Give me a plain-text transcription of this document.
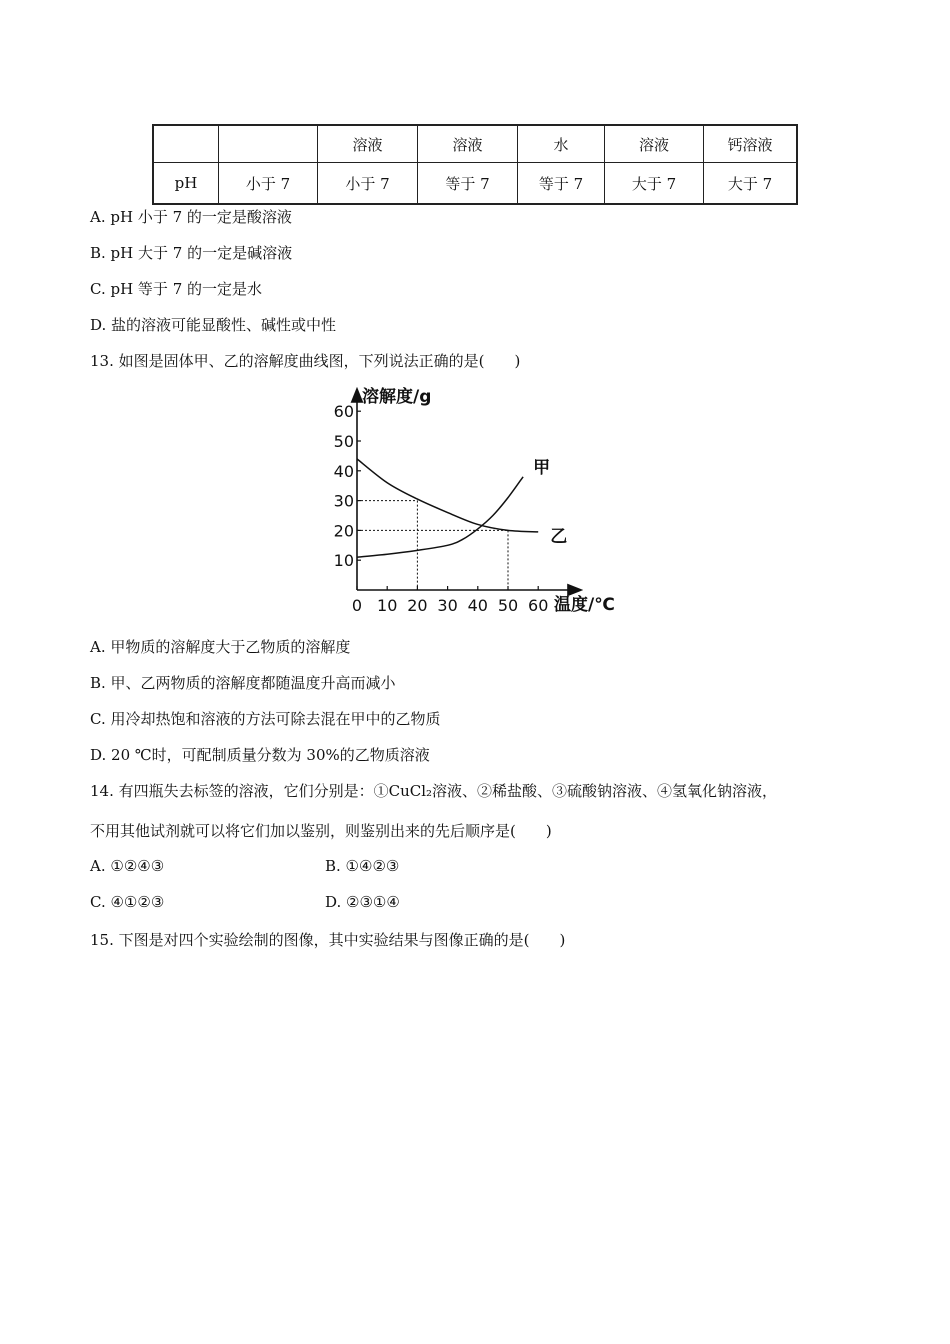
		溶液	溶液	水	溶液	钙溶液
pH	小于 7	小于 7	等于 7	等于 7	大于 7	大于 7
A. pH 小于 7 的一定是酸溶液
B. pH 大于 7 的一定是碱溶液
C. pH 等于 7 的一定是水
D. 盐的溶液可能显酸性、碱性或中性
13. 如图是固体甲、乙的溶解度曲线图，下列说法正确的是(　　)
溶解度/g
温度/℃
0 10 20 30 40 50 60
10
20
30
40
50
60
甲
乙
A. 甲物质的溶解度大于乙物质的溶解度
B. 甲、乙两物质的溶解度都随温度升高而减小
C. 用冷却热饱和溶液的方法可除去混在甲中的乙物质
D. 20 ℃时，可配制质量分数为 30%的乙物质溶液
14. 有四瓶失去标签的溶液，它们分别是：①CuCl₂溶液、②稀盐酸、③硫酸钠溶液、④氢氧化钠溶液，
不用其他试剂就可以将它们加以鉴别，则鉴别出来的先后顺序是(　　)
A. ①②④③	B. ①④②③
C. ④①②③	D. ②③①④
15. 下图是对四个实验绘制的图像，其中实验结果与图像正确的是(　　)
